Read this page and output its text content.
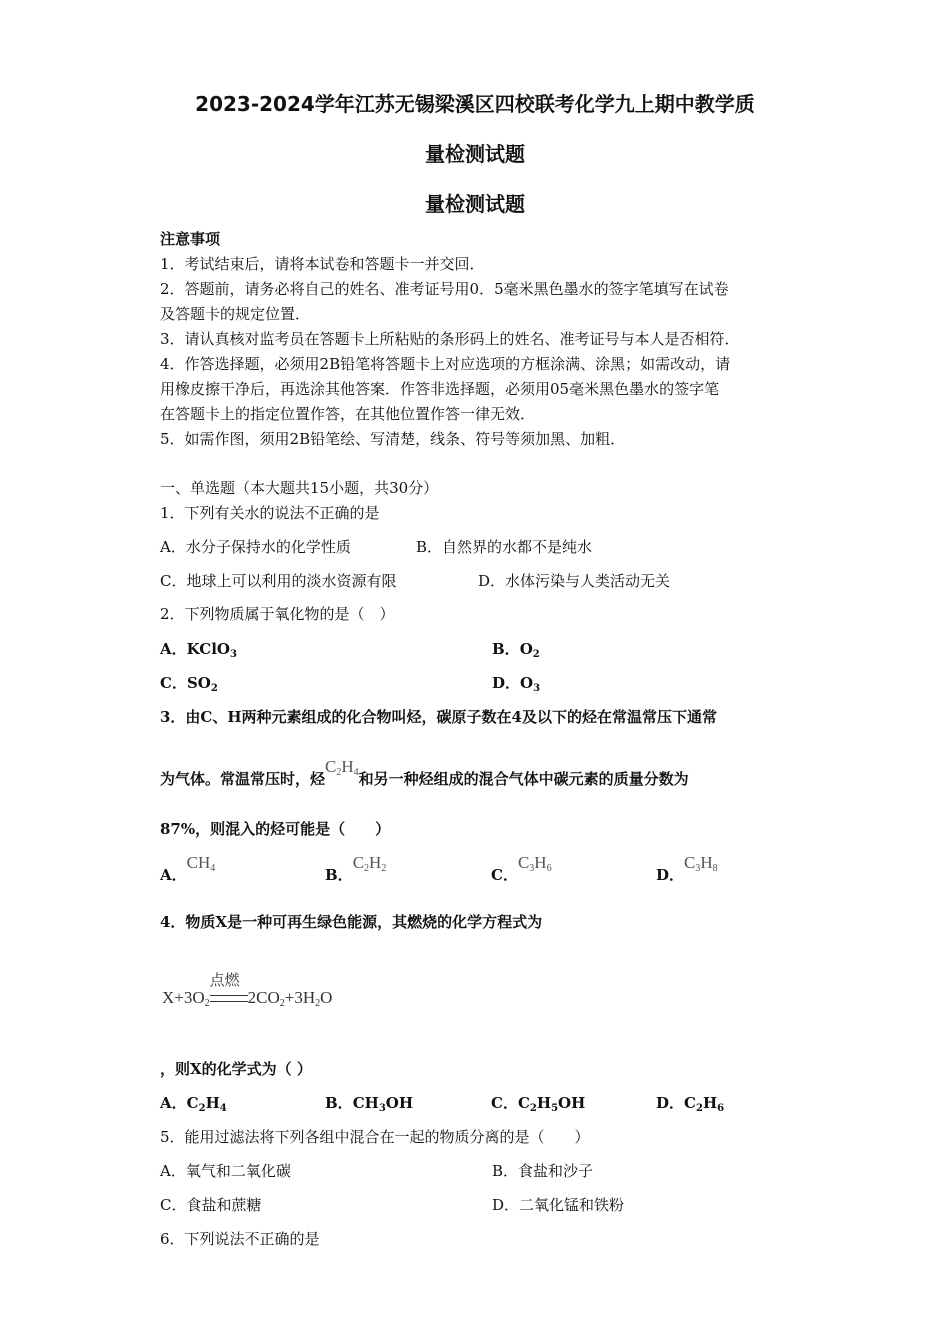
2023-2024学年江苏无锡梁溪区四校联考化学九上期中教学质
量检测试题
量检测试题
注意事项
1．考试结束后，请将本试卷和答题卡一并交回．
2．答题前，请务必将自己的姓名、准考证号用0．5毫米黑色墨水的签字笔填写在试卷
及答题卡的规定位置．
3．请认真核对监考员在答题卡上所粘贴的条形码上的姓名、准考证号与本人是否相符．
4．作答选择题，必须用2B铅笔将答题卡上对应选项的方框涂满、涂黑；如需改动，请
用橡皮擦干净后，再选涂其他答案．作答非选择题，必须用05毫米黑色墨水的签字笔
在答题卡上的指定位置作答，在其他位置作答一律无效．
5．如需作图，须用2B铅笔绘、写清楚，线条、符号等须加黑、加粗．
一、单选题（本大题共15小题，共30分）
1．下列有关水的说法不正确的是
A．水分子保持水的化学性质	B．自然界的水都不是纯水
C．地球上可以利用的淡水资源有限	D．水体污染与人类活动无关
2．下列物质属于氧化物的是（　）
A．KClO$_3$	B．$O_2$
C．$SO_2$	D．$O_3$
3．由C、H两种元素组成的化合物叫烃，碳原子数在4及以下的烃在常温常压下通常
为气体。常温常压时，烃$C_2H_4$和另一种烃组成的混合气体中碳元素的质量分数为
87%，则混入的烃可能是（　　）
A．$CH_4$	B．$C_2H_2$	C．$C_3H_6$	D．$C_3H_8$
4．物质X是一种可再生绿色能源，其燃烧的化学方程式为
$X+3O_2$
点燃
$2CO_2+3H_2O$
，则X的化学式为（ ）
A．$C_2H_4$	B．$CH_3OH$	C．$C_2H_5OH$	D．$C_2H_6$
5．能用过滤法将下列各组中混合在一起的物质分离的是（　　）
A．氧气和二氧化碳	B．食盐和沙子
C．食盐和蔗糖	D．二氧化锰和铁粉
6．下列说法不正确的是
